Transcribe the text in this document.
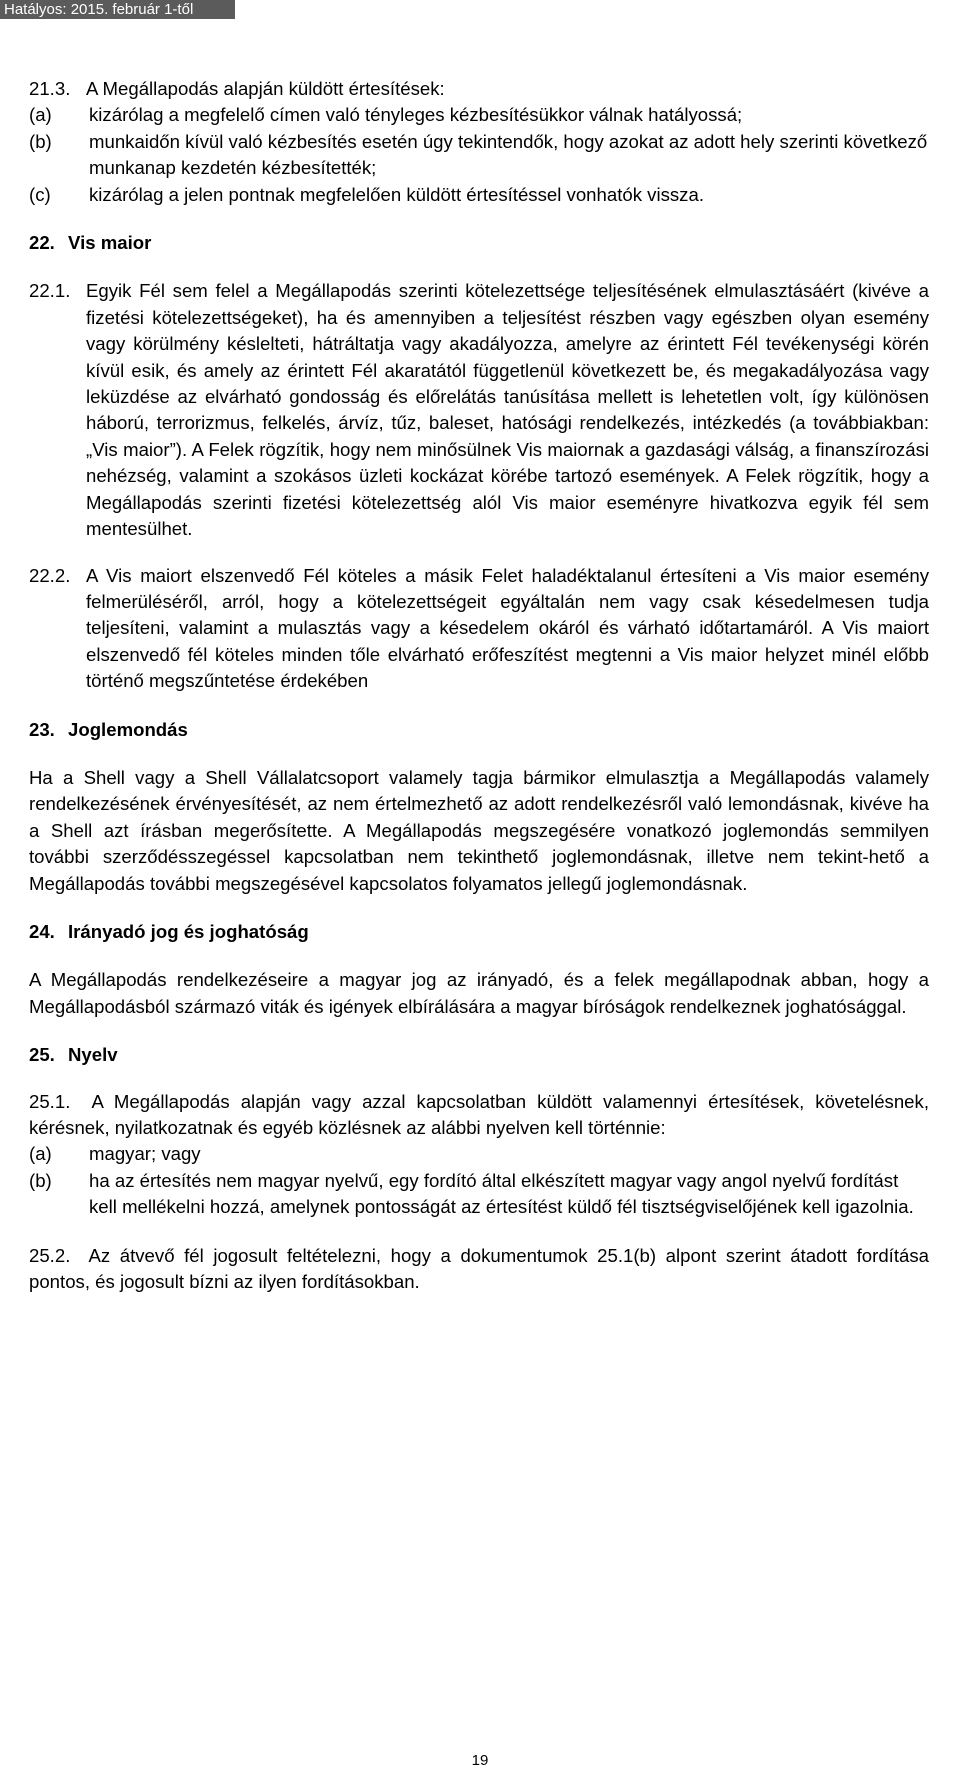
Hatályos: 2015. február 1-től
21.3. A Megállapodás alapján küldött értesítések:
(a)	kizárólag a megfelelő címen való tényleges kézbesítésükkor válnak hatályossá;
(b)	munkaidőn kívül való kézbesítés esetén úgy tekintendők, hogy azokat az adott hely szerinti következő munkanap kezdetén kézbesítették;
(c)	kizárólag a jelen pontnak megfelelően küldött értesítéssel vonhatók vissza.
22. Vis maior
22.1. Egyik Fél sem felel a Megállapodás szerinti kötelezettsége teljesítésének elmulasztásáért (kivéve a fizetési kötelezettségeket), ha és amennyiben a teljesítést részben vagy egészben olyan esemény vagy körülmény késlelteti, hátráltatja vagy akadályozza, amelyre az érintett Fél tevékenységi körén kívül esik, és amely az érintett Fél akaratától függetlenül következett be, és megakadályozása vagy leküzdése az elvárható gondosság és előrelátás tanúsítása mellett is lehetetlen volt, így különösen háború, terrorizmus, felkelés, árvíz, tűz, baleset, hatósági rendelkezés, intézkedés (a továbbiakban: „Vis maior”). A Felek rögzítik, hogy nem minősülnek Vis maiornak a gazdasági válság, a finanszírozási nehézség, valamint a szokásos üzleti kockázat körébe tartozó események. A Felek rögzítik, hogy a Megállapodás szerinti fizetési kötelezettség alól Vis maior eseményre hivatkozva egyik fél sem mentesülhet.
22.2. A Vis maiort elszenvedő Fél köteles a másik Felet haladéktalanul értesíteni a Vis maior esemény felmerüléséről, arról, hogy a kötelezettségeit egyáltalán nem vagy csak késedelmesen tudja teljesíteni, valamint a mulasztás vagy a késedelem okáról és várható időtartamáról. A Vis maiort elszenvedő fél köteles minden tőle elvárható erőfeszítést megtenni a Vis maior helyzet minél előbb történő megszűntetése érdekében
23. Joglemondás
Ha a Shell vagy a Shell Vállalatcsoport valamely tagja bármikor elmulasztja a Megállapodás valamely rendelkezésének érvényesítését, az nem értelmezhető az adott rendelkezésről való lemondásnak, kivéve ha a Shell azt írásban megerősítette. A Megállapodás megszegésére vonatkozó joglemondás semmilyen további szerződésszegéssel kapcsolatban nem tekinthető joglemondásnak, illetve nem tekint-hető a Megállapodás további megszegésével kapcsolatos folyamatos jellegű joglemondásnak.
24. Irányadó jog és joghatóság
A Megállapodás rendelkezéseire a magyar jog az irányadó, és a felek megállapodnak abban, hogy a Megállapodásból származó viták és igények elbírálására a magyar bíróságok rendelkeznek joghatósággal.
25. Nyelv
25.1. A Megállapodás alapján vagy azzal kapcsolatban küldött valamennyi értesítések, követelésnek, kérésnek, nyilatkozatnak és egyéb közlésnek az alábbi nyelven kell történnie:
(a)	magyar; vagy
(b)	ha az értesítés nem magyar nyelvű, egy fordító által elkészített magyar vagy angol nyelvű fordítást kell mellékelni hozzá, amelynek pontosságát az értesítést küldő fél tisztségviselőjének kell igazolnia.
25.2. Az átvevő fél jogosult feltételezni, hogy a dokumentumok 25.1(b) alpont szerint átadott fordítása pontos, és jogosult bízni az ilyen fordításokban.
19
